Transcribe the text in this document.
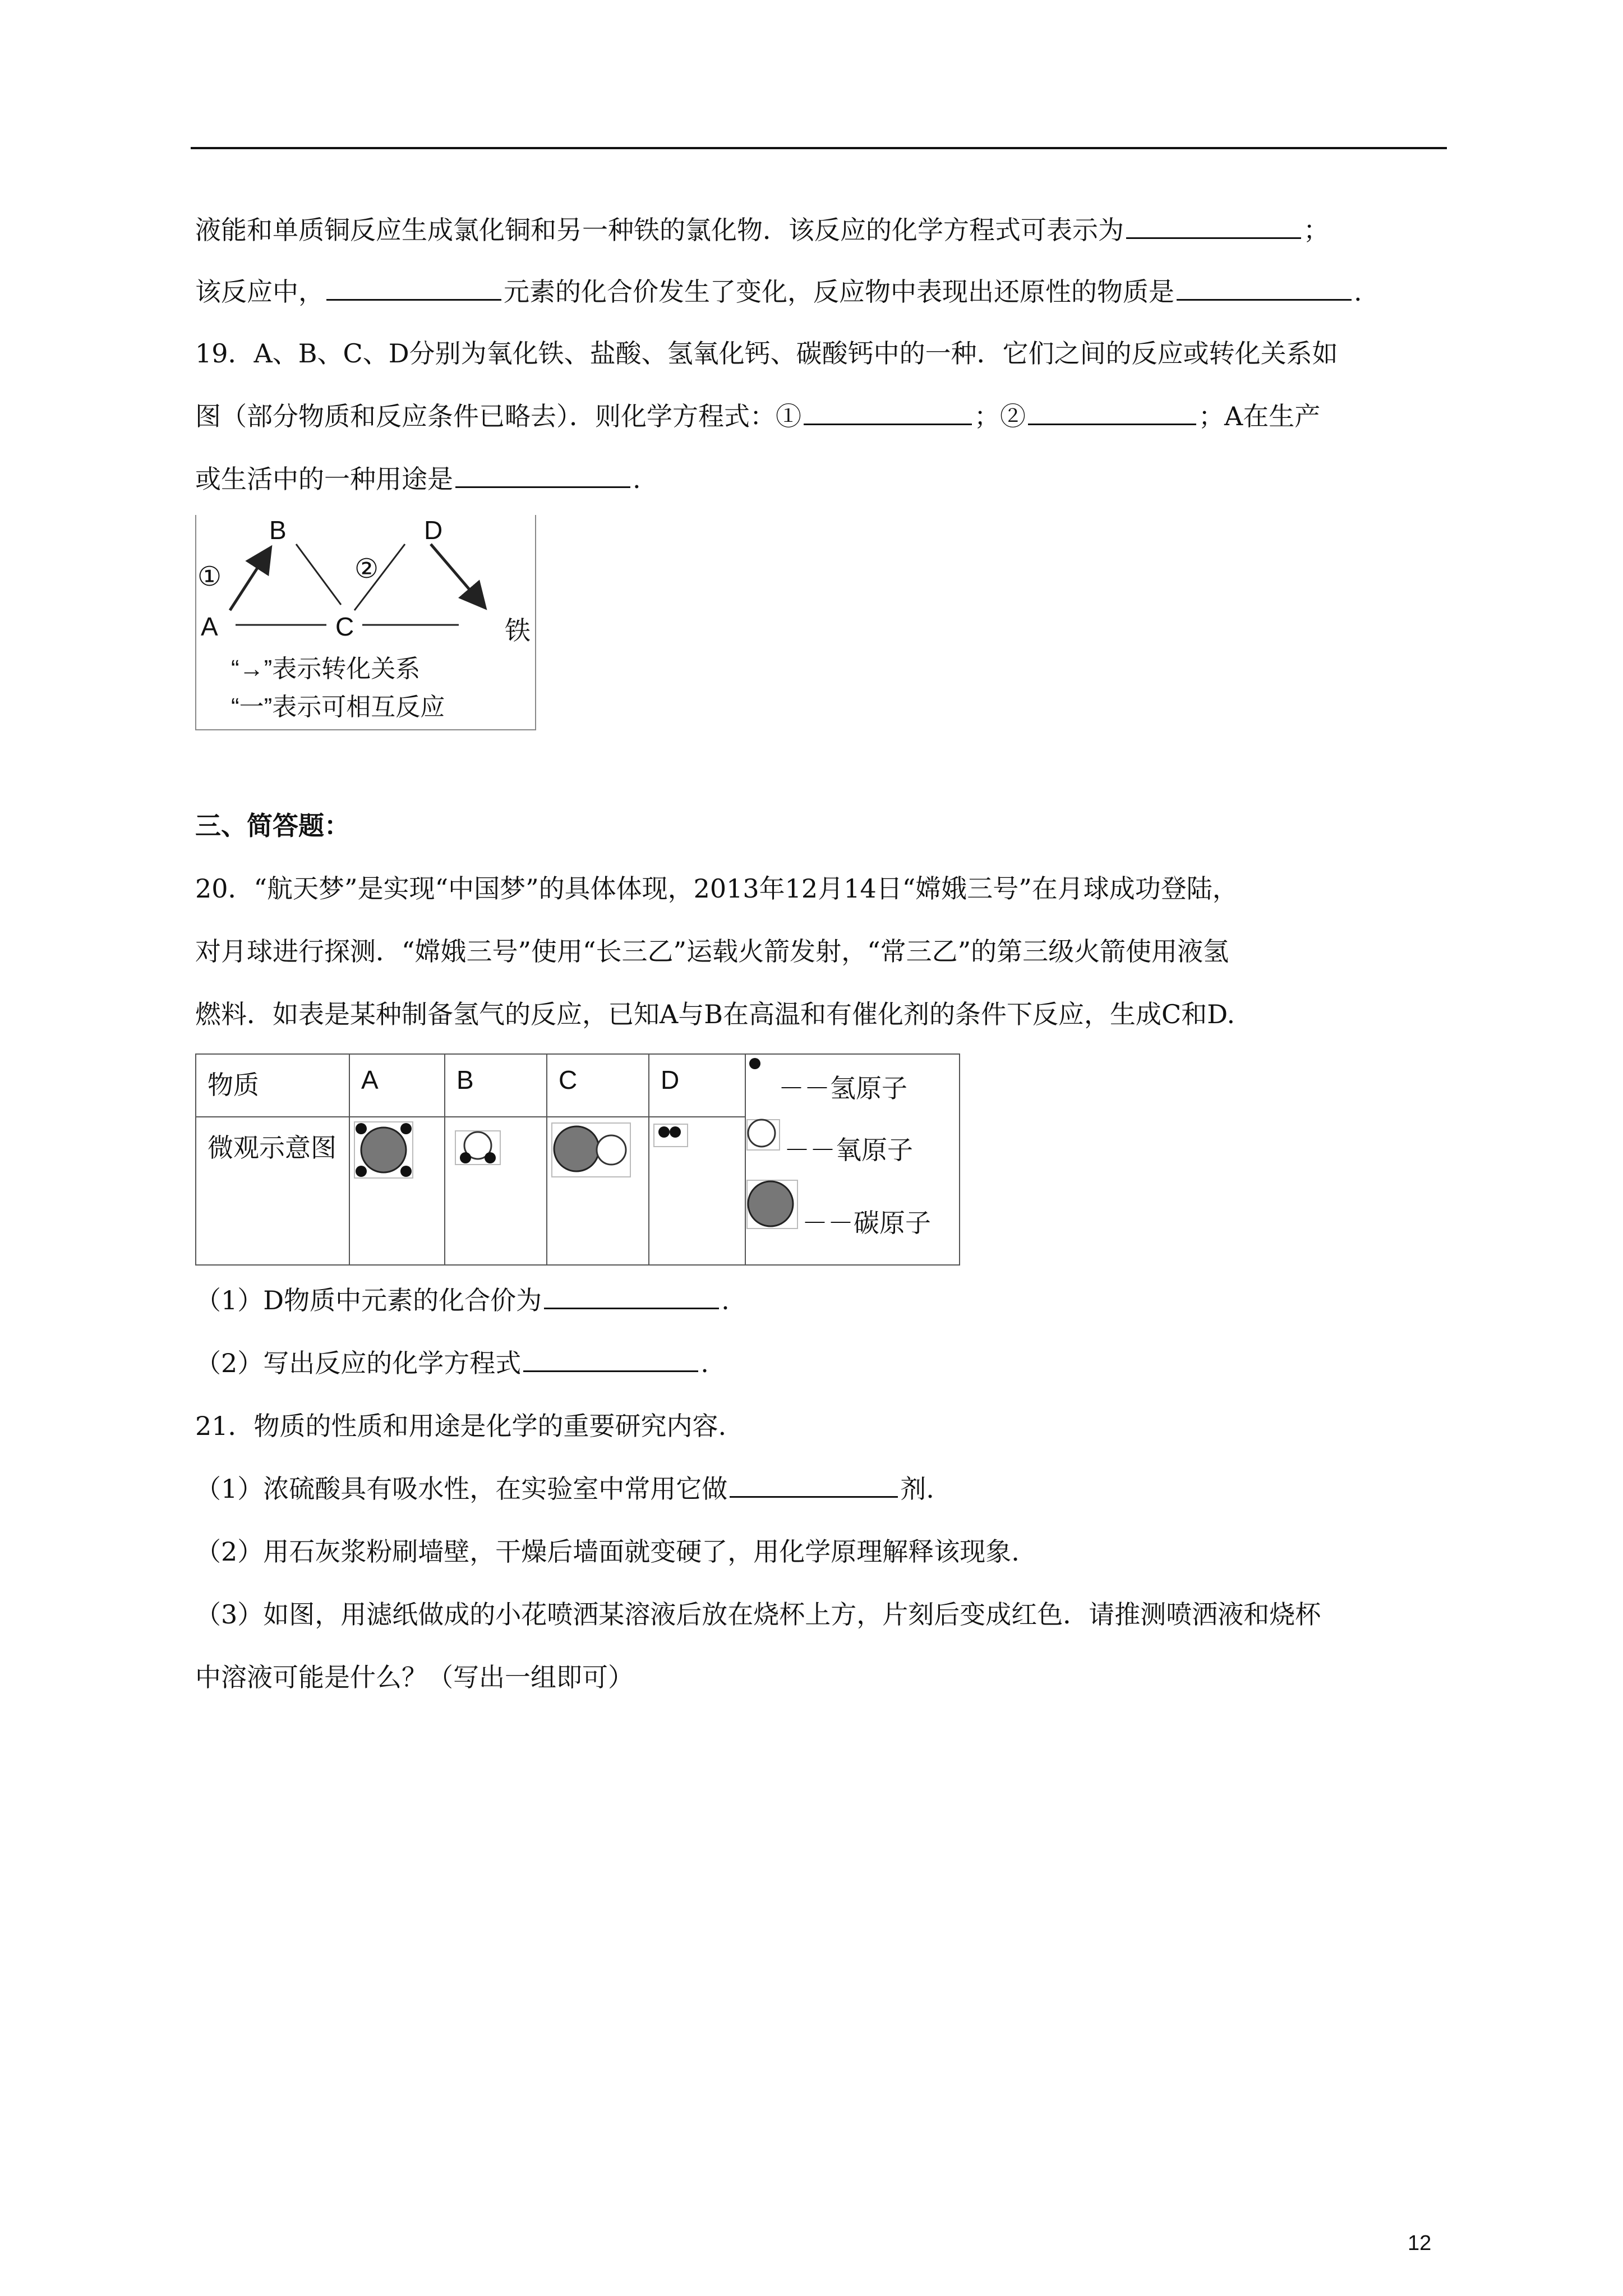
液能和单质铜反应生成氯化铜和另一种铁的氯化物．该反应的化学方程式可表示为	；
该反应中，	元素的化合价发生了变化，反应物中表现出还原性的物质是	.
19．A、B、C、D分别为氧化铁、盐酸、氢氧化钙、碳酸钙中的一种．它们之间的反应或转化关系如
图（部分物质和反应条件已略去）．则化学方程式：①	；②	；A在生产
或生活中的一种用途是	.
B	D
A	C	铁
①	②
“→”表示转化关系
“一”表示可相互反应
三、简答题：
20．“航天梦”是实现“中国梦”的具体体现，2013年12月14日“嫦娥三号”在月球成功登陆，
对月球进行探测．“嫦娥三号”使用“长三乙”运载火箭发射，“常三乙”的第三级火箭使用液氢
燃料．如表是某种制备氢气的反应，已知A与B在高温和有催化剂的条件下反应，生成C和D.
物质	A	B	C	D	－－氢原子
－－氧原子
－－碳原子

微观示意图				
（1）D物质中元素的化合价为	.
（2）写出反应的化学方程式	.
21．物质的性质和用途是化学的重要研究内容.
（1）浓硫酸具有吸水性，在实验室中常用它做	剂.
（2）用石灰浆粉刷墙壁，干燥后墙面就变硬了，用化学原理解释该现象.
（3）如图，用滤纸做成的小花喷洒某溶液后放在烧杯上方，片刻后变成红色．请推测喷洒液和烧杯
中溶液可能是什么？（写出一组即可）
12
